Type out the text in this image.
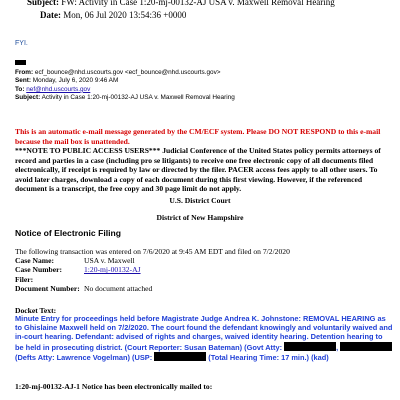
Subject: FW: Activity in Case 1:20-mj-00132-AJ USA v. Maxwell Removal Hearing
Date: Mon, 06 Jul 2020 13:54:36 +0000
FYI.
From: ecf_bounce@nhd.uscourts.gov <ecf_bounce@nhd.uscourts.gov>
Sent: Monday, July 6, 2020 9:46 AM
To: nef@nhd.uscourts.gov
Subject: Activity in Case 1:20-mj-00132-AJ USA v. Maxwell Removal Hearing
This is an automatic e-mail message generated by the CM/ECF system. Please DO NOT RESPOND to this e-mail because the mail box is unattended.
***NOTE TO PUBLIC ACCESS USERS*** Judicial Conference of the United States policy permits attorneys of record and parties in a case (including pro se litigants) to receive one free electronic copy of all documents filed electronically, if receipt is required by law or directed by the filer. PACER access fees apply to all other users. To avoid later charges, download a copy of each document during this first viewing. However, if the referenced document is a transcript, the free copy and 30 page limit do not apply.
U.S. District Court
District of New Hampshire
Notice of Electronic Filing
The following transaction was entered on 7/6/2020 at 9:45 AM EDT and filed on 7/2/2020
Case Name:	USA v. Maxwell
Case Number:	1:20-mj-00132-AJ
Filer:	
Document Number:	No document attached
Docket Text:
Minute Entry for proceedings held before Magistrate Judge Andrea K. Johnstone: REMOVAL HEARING as to Ghislaine Maxwell held on 7/2/2020. The court found the defendant knowingly and voluntarily waived and in-court hearing. Defendant: advised of rights and charges, waived identity hearing. Detention hearing to be held in prosecuting district. (Court Reporter: Susan Bateman) (Govt Atty:	,  (Defts Atty: Lawrence Vogelman) (USP:	(Total Hearing Time: 17 min.) (kad)
1:20-mj-00132-AJ-1 Notice has been electronically mailed to:
